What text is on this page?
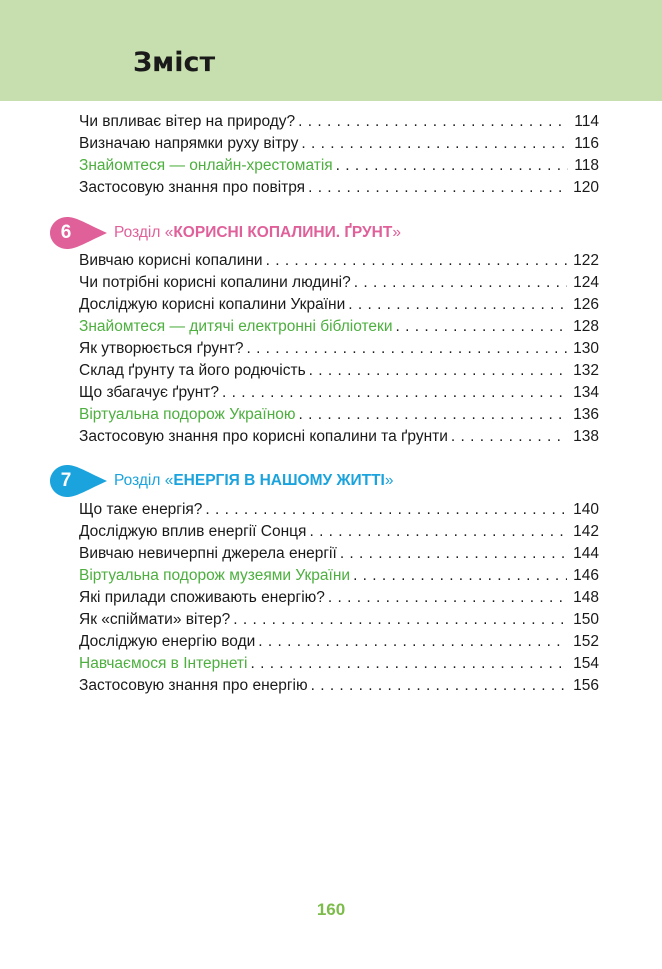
Зміст
Чи впливає вітер на природу? . . .	114
Визначаю напрямки руху вітру . . .	116
Знайомтеся — онлайн-хрестоматія . . .	118
Застосовую знання про повітря . . .	120
6	Розділ «КОРИСНІ КОПАЛИНИ. ҐРУНТ»
Вивчаю корисні копалини . . .	122
Чи потрібні корисні копалини людині? . . .	124
Досліджую корисні копалини України . . .	126
Знайомтеся — дитячі електронні бібліотеки . . .	128
Як утворюється ґрунт? . . .	130
Склад ґрунту та його родючість . . .	132
Що збагачує ґрунт? . . .	134
Віртуальна подорож Україною . . .	136
Застосовую знання про корисні копалини та ґрунти . . .	138
7	Розділ «ЕНЕРГІЯ В НАШОМУ ЖИТТІ»
Що таке енергія? . . .	140
Досліджую вплив енергії Сонця . . .	142
Вивчаю невичерпні джерела енергії . . .	144
Віртуальна подорож музеями України . . .	146
Які прилади споживають енергію? . . .	148
Як «спіймати» вітер? . . .	150
Досліджую енергію води . . .	152
Навчаємося в Інтернеті . . .	154
Застосовую знання про енергію . . .	156
160
